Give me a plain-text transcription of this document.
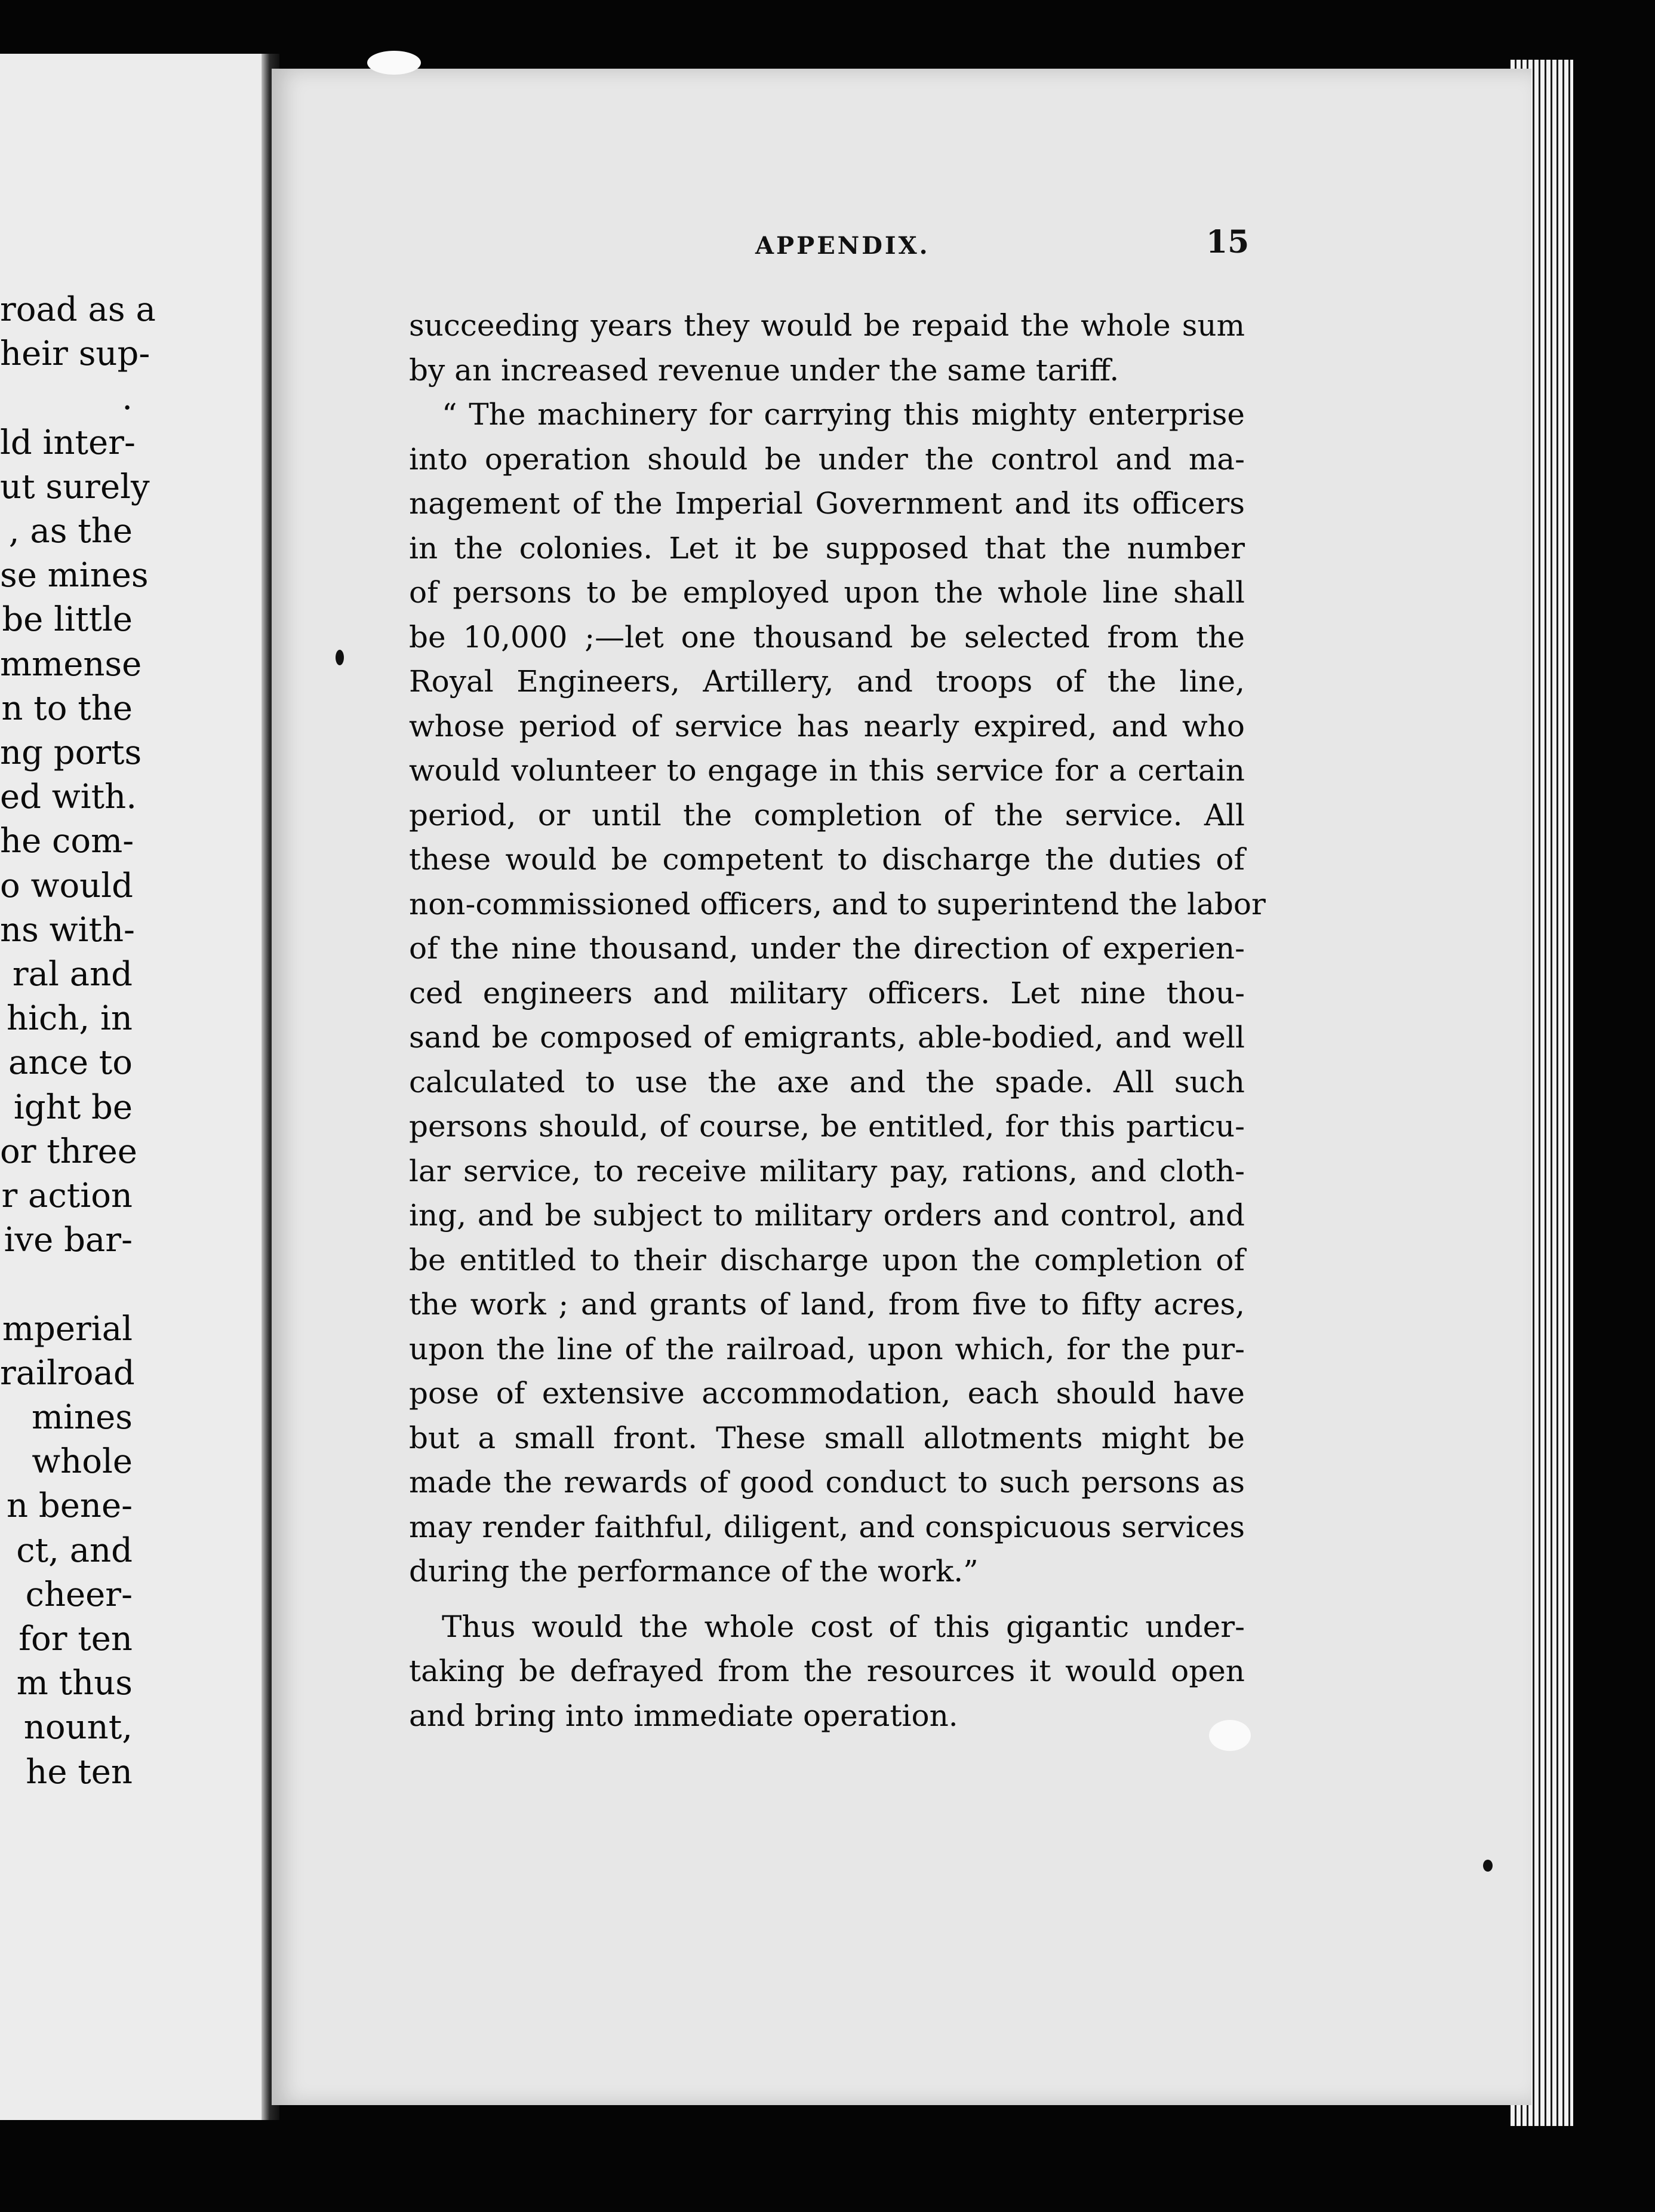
APPENDIX.	15
succeeding years they would be repaid the whole sum
by an increased revenue under the same tariff.
“ The machinery for carrying this mighty enterprise
into operation should be under the control and ma-
nagement of the Imperial Government and its officers
in the colonies. Let it be supposed that the number
of persons to be employed upon the whole line shall
be 10,000 ;—let one thousand be selected from the
Royal Engineers, Artillery, and troops of the line,
whose period of service has nearly expired, and who
would volunteer to engage in this service for a certain
period, or until the completion of the service. All
these would be competent to discharge the duties of
non-commissioned officers, and to superintend the labor
of the nine thousand, under the direction of experien-
ced engineers and military officers. Let nine thou-
sand be composed of emigrants, able-bodied, and well
calculated to use the axe and the spade. All such
persons should, of course, be entitled, for this particu-
lar service, to receive military pay, rations, and cloth-
ing, and be subject to military orders and control, and
be entitled to their discharge upon the completion of
the work ; and grants of land, from five to fifty acres,
upon the line of the railroad, upon which, for the pur-
pose of extensive accommodation, each should have
but a small front. These small allotments might be
made the rewards of good conduct to such persons as
may render faithful, diligent, and conspicuous services
during the performance of the work.”
Thus would the whole cost of this gigantic under-
taking be defrayed from the resources it would open
and bring into immediate operation.
road as a
heir sup-
.
ld inter-
ut surely
, as the
se mines
be little
mmense
n to the
ng ports
ed with.
he com-
o would
ns with-
ral and
hich, in
ance to
ight be
or three
r action
ive bar-
mperial
railroad
mines
whole
n bene-
ct, and
cheer-
for ten
m thus
nount,
he ten
